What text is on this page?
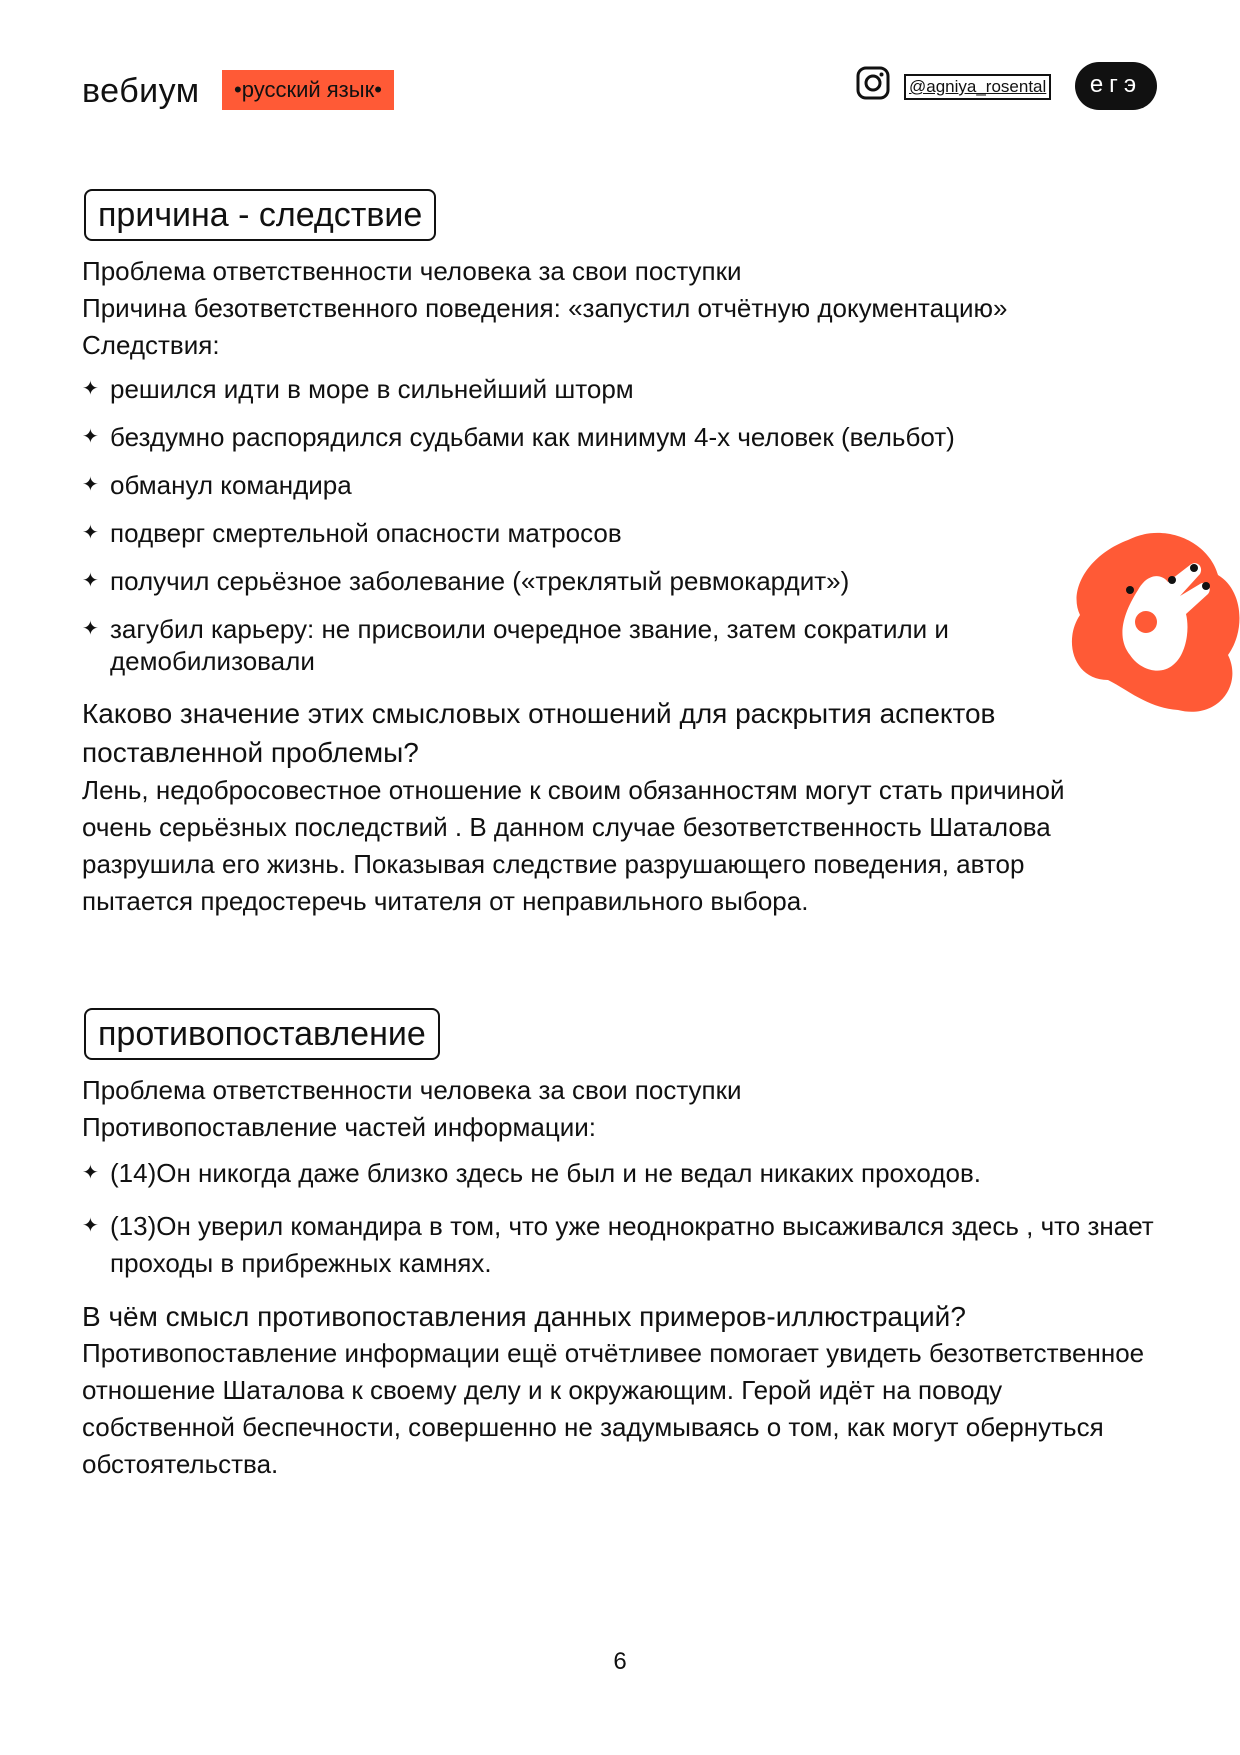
вебиум	•русский язык•	@agniya_rosental	егэ
причина - следствие

Проблема ответственности человека за свои поступки

Причина безответственного поведения: «запустил отчётную документацию»

Следствия:

✦ решился идти в море в сильнейший шторм
✦ бездумно распорядился судьбами как минимум 4-х человек (вельбот)
✦ обманул командира
✦ подверг смертельной опасности матросов
✦ получил серьёзное заболевание («треклятый ревмокардит»)
✦ загубил карьеру: не присвоили очередное звание, затем сократили и демобилизовали

Каково значение этих смысловых отношений для раскрытия аспектов поставленной проблемы?

Лень, недобросовестное отношение к своим обязанностям могут стать причиной очень серьёзных последствий . В данном случае безответственность Шаталова разрушила его жизнь. Показывая следствие разрушающего поведения, автор пытается предостеречь читателя от неправильного выбора.

противопоставление

Проблема ответственности человека за свои поступки

Противопоставление частей информации:

✦ (14)Он никогда даже близко здесь не был и не ведал никаких проходов.
✦ (13)Он уверил командира в том, что уже неоднократно высаживался здесь , что знает проходы в прибрежных камнях.

В чём смысл противопоставления данных примеров-иллюстраций?

Противопоставление информации ещё отчётливее помогает увидеть безответственное отношение Шаталова к своему делу и к окружающим. Герой идёт на поводу собственной беспечности, совершенно не задумываясь о том, как могут обернуться обстоятельства.

6
